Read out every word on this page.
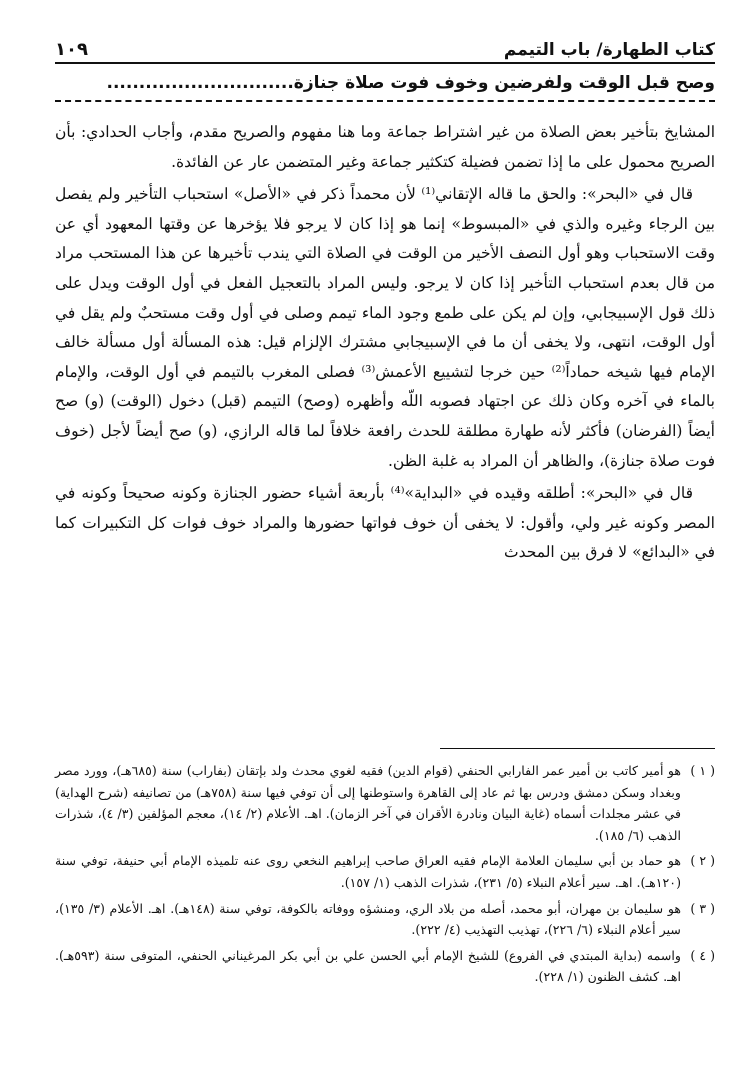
كتاب الطهارة/ باب التيمم
١٠٩
وصح قبل الوقت ولفرضين وخوف فوت صلاة جنازة.............................

المشايخ بتأخير بعض الصلاة من غير اشتراط جماعة وما هنا مفهوم والصريح مقدم، وأجاب الحدادي: بأن الصريح محمول على ما إذا تضمن فضيلة كتكثير جماعة وغير المتضمن عار عن الفائدة.

قال في «البحر»: والحق ما قاله الإتقاني⁽¹⁾ لأن محمداً ذكر في «الأصل» استحباب التأخير ولم يفصل بين الرجاء وغيره والذي في «المبسوط» إنما هو إذا كان لا يرجو فلا يؤخرها عن وقتها المعهود أي عن وقت الاستحباب وهو أول النصف الأخير من الوقت في الصلاة التي يندب تأخيرها عن هذا المستحب مراد من قال بعدم استحباب التأخير إذا كان لا يرجو. وليس المراد بالتعجيل الفعل في أول الوقت ويدل على ذلك قول الإسبيجابي، وإن لم يكن على طمع وجود الماء تيمم وصلى في أول وقت مستحبٌ ولم يقل في أول الوقت، انتهى، ولا يخفى أن ما في الإسبيجابي مشترك الإلزام قيل: هذه المسألة أول مسألة خالف الإمام فيها شيخه حماداً⁽²⁾ حين خرجا لتشييع الأعمش⁽³⁾ فصلى المغرب بالتيمم في أول الوقت، والإمام بالماء في آخره وكان ذلك عن اجتهاد فصوبه اللّه وأظهره (وصح) التيمم (قبل) دخول (الوقت) (و) صح أيضاً (الفرضان) فأكثر لأنه طهارة مطلقة للحدث رافعة خلافاً لما قاله الرازي، (و) صح أيضاً لأجل (خوف فوت صلاة جنازة)، والظاهر أن المراد به غلبة الظن.

قال في «البحر»: أطلقه وقيده في «البداية»⁽⁴⁾ بأربعة أشياء حضور الجنازة وكونه صحيحاً وكونه في المصر وكونه غير ولي، وأقول: لا يخفى أن خوف فواتها حضورها والمراد خوف فوات كل التكبيرات كما في «البدائع» لا فرق بين المحدث

( ١ )
هو أمير كاتب بن أمير عمر الفارابي الحنفي (قوام الدين) فقيه لغوي محدث ولد بإتقان (بفاراب) سنة (٦٨٥هـ)، وورد مصر وبغداد وسكن دمشق ودرس بها ثم عاد إلى القاهرة واستوطنها إلى أن توفي فيها سنة (٧٥٨هـ) من تصانيفه (شرح الهداية) في عشر مجلدات أسماه (غاية البيان ونادرة الأقران في آخر الزمان). اهـ. الأعلام (٢/ ١٤)، معجم المؤلفين (٣/ ٤)، شذرات الذهب (٦/ ١٨٥).
( ٢ )
هو حماد بن أبي سليمان العلامة الإمام فقيه العراق صاحب إبراهيم النخعي روى عنه تلميذه الإمام أبي حنيفة، توفي سنة (١٢٠هـ). اهـ. سير أعلام النبلاء (٥/ ٢٣١)، شذرات الذهب (١/ ١٥٧).
( ٣ )
هو سليمان بن مهران، أبو محمد، أصله من بلاد الري، ومنشؤه ووفاته بالكوفة، توفي سنة (١٤٨هـ). اهـ. الأعلام (٣/ ١٣٥)، سير أعلام النبلاء (٦/ ٢٢٦)، تهذيب التهذيب (٤/ ٢٢٢).
( ٤ )
واسمه (بداية المبتدي في الفروع) للشيخ الإمام أبي الحسن علي بن أبي بكر المرغيناني الحنفي، المتوفى سنة (٥٩٣هـ). اهـ. كشف الظنون (١/ ٢٢٨).
